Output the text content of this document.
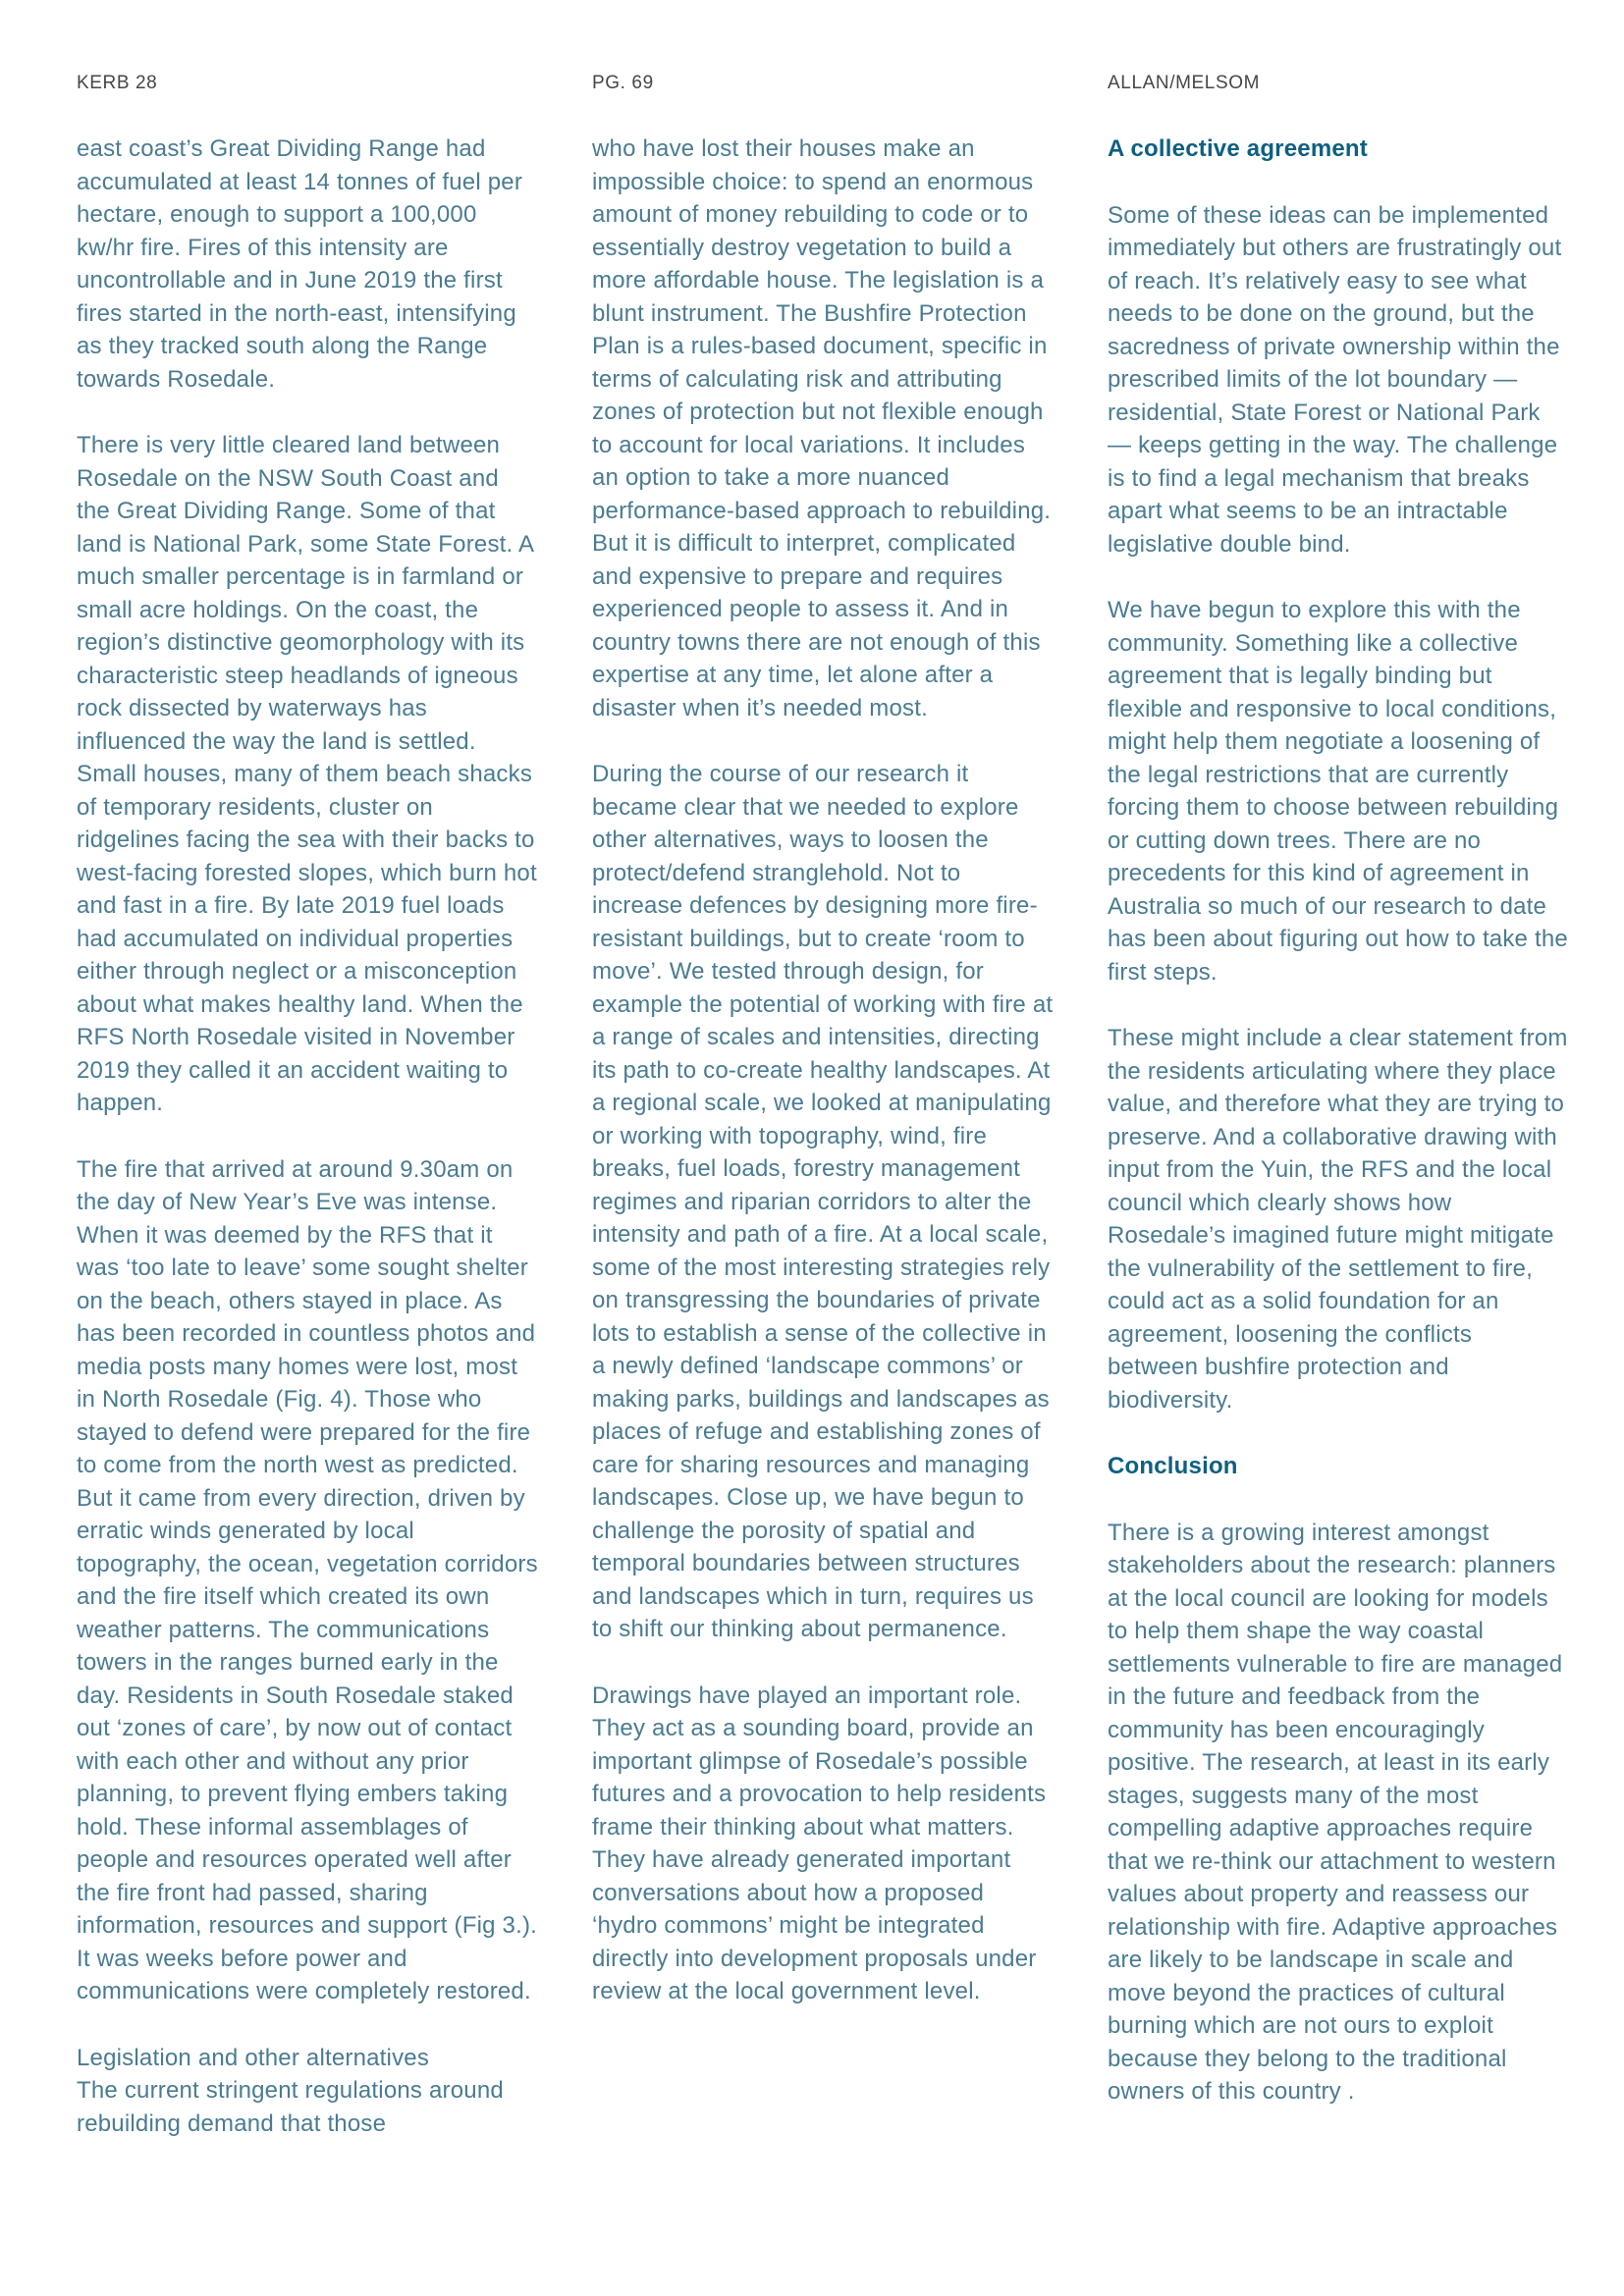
KERB 28	PG. 69	ALLAN/MELSOM

east coast’s Great Dividing Range had accumulated at least 14 tonnes of fuel per hectare, enough to support a 100,000 kw/hr fire. Fires of this intensity are uncontrollable and in June 2019 the first fires started in the north-east, intensifying as they tracked south along the Range towards Rosedale.

There is very little cleared land between Rosedale on the NSW South Coast and the Great Dividing Range. Some of that land is National Park, some State Forest. A much smaller percentage is in farmland or small acre holdings. On the coast, the region’s distinctive geomorphology with its characteristic steep headlands of igneous rock dissected by waterways has influenced the way the land is settled. Small houses, many of them beach shacks of temporary residents, cluster on ridgelines facing the sea with their backs to west-facing forested slopes, which burn hot and fast in a fire. By late 2019 fuel loads had accumulated on individual properties either through neglect or a misconception about what makes healthy land. When the RFS North Rosedale visited in November 2019 they called it an accident waiting to happen.

The fire that arrived at around 9.30am on the day of New Year’s Eve was intense. When it was deemed by the RFS that it was ‘too late to leave’ some sought shelter on the beach, others stayed in place. As has been recorded in countless photos and media posts many homes were lost, most in North Rosedale (Fig. 4). Those who stayed to defend were prepared for the fire to come from the north west as predicted. But it came from every direction, driven by erratic winds generated by local topography, the ocean, vegetation corridors and the fire itself which created its own weather patterns. The communications towers in the ranges burned early in the day. Residents in South Rosedale staked out ‘zones of care’, by now out of contact with each other and without any prior planning, to prevent flying embers taking hold. These informal assemblages of people and resources operated well after the fire front had passed, sharing information, resources and support (Fig 3.). It was weeks before power and communications were completely restored.

Legislation and other alternatives

The current stringent regulations around rebuilding demand that those

who have lost their houses make an impossible choice: to spend an enormous amount of money rebuilding to code or to essentially destroy vegetation to build a more affordable house. The legislation is a blunt instrument. The Bushfire Protection Plan is a rules-based document, specific in terms of calculating risk and attributing zones of protection but not flexible enough to account for local variations. It includes an option to take a more nuanced performance-based approach to rebuilding. But it is difficult to interpret, complicated and expensive to prepare and requires experienced people to assess it. And in country towns there are not enough of this expertise at any time, let alone after a disaster when it’s needed most.

During the course of our research it became clear that we needed to explore other alternatives, ways to loosen the protect/defend stranglehold. Not to increase defences by designing more fire-resistant buildings, but to create ‘room to move’. We tested through design, for example the potential of working with fire at a range of scales and intensities, directing its path to co-create healthy landscapes. At a regional scale, we looked at manipulating or working with topography, wind, fire breaks, fuel loads, forestry management regimes and riparian corridors to alter the intensity and path of a fire. At a local scale, some of the most interesting strategies rely on transgressing the boundaries of private lots to establish a sense of the collective in a newly defined ‘landscape commons’ or making parks, buildings and landscapes as places of refuge and establishing zones of care for sharing resources and managing landscapes. Close up, we have begun to challenge the porosity of spatial and temporal boundaries between structures and landscapes which in turn, requires us to shift our thinking about permanence.

Drawings have played an important role. They act as a sounding board, provide an important glimpse of Rosedale’s possible futures and a provocation to help residents frame their thinking about what matters. They have already generated important conversations about how a proposed ‘hydro commons’ might be integrated directly into development proposals under review at the local government level.

A collective agreement

Some of these ideas can be implemented immediately but others are frustratingly out of reach. It’s relatively easy to see what needs to be done on the ground, but the sacredness of private ownership within the prescribed limits of the lot boundary — residential, State Forest or National Park — keeps getting in the way. The challenge is to find a legal mechanism that breaks apart what seems to be an intractable legislative double bind.

We have begun to explore this with the community. Something like a collective agreement that is legally binding but flexible and responsive to local conditions, might help them negotiate a loosening of the legal restrictions that are currently forcing them to choose between rebuilding or cutting down trees. There are no precedents for this kind of agreement in Australia so much of our research to date has been about figuring out how to take the first steps.

These might include a clear statement from the residents articulating where they place value, and therefore what they are trying to preserve. And a collaborative drawing with input from the Yuin, the RFS and the local council which clearly shows how Rosedale’s imagined future might mitigate the vulnerability of the settlement to fire, could act as a solid foundation for an agreement, loosening the conflicts between bushfire protection and biodiversity.

Conclusion

There is a growing interest amongst stakeholders about the research: planners at the local council are looking for models to help them shape the way coastal settlements vulnerable to fire are managed in the future and feedback from the community has been encouragingly positive. The research, at least in its early stages, suggests many of the most compelling adaptive approaches require that we re-think our attachment to western values about property and reassess our relationship with fire. Adaptive approaches are likely to be landscape in scale and move beyond the practices of cultural burning which are not ours to exploit because they belong to the traditional owners of this country .
